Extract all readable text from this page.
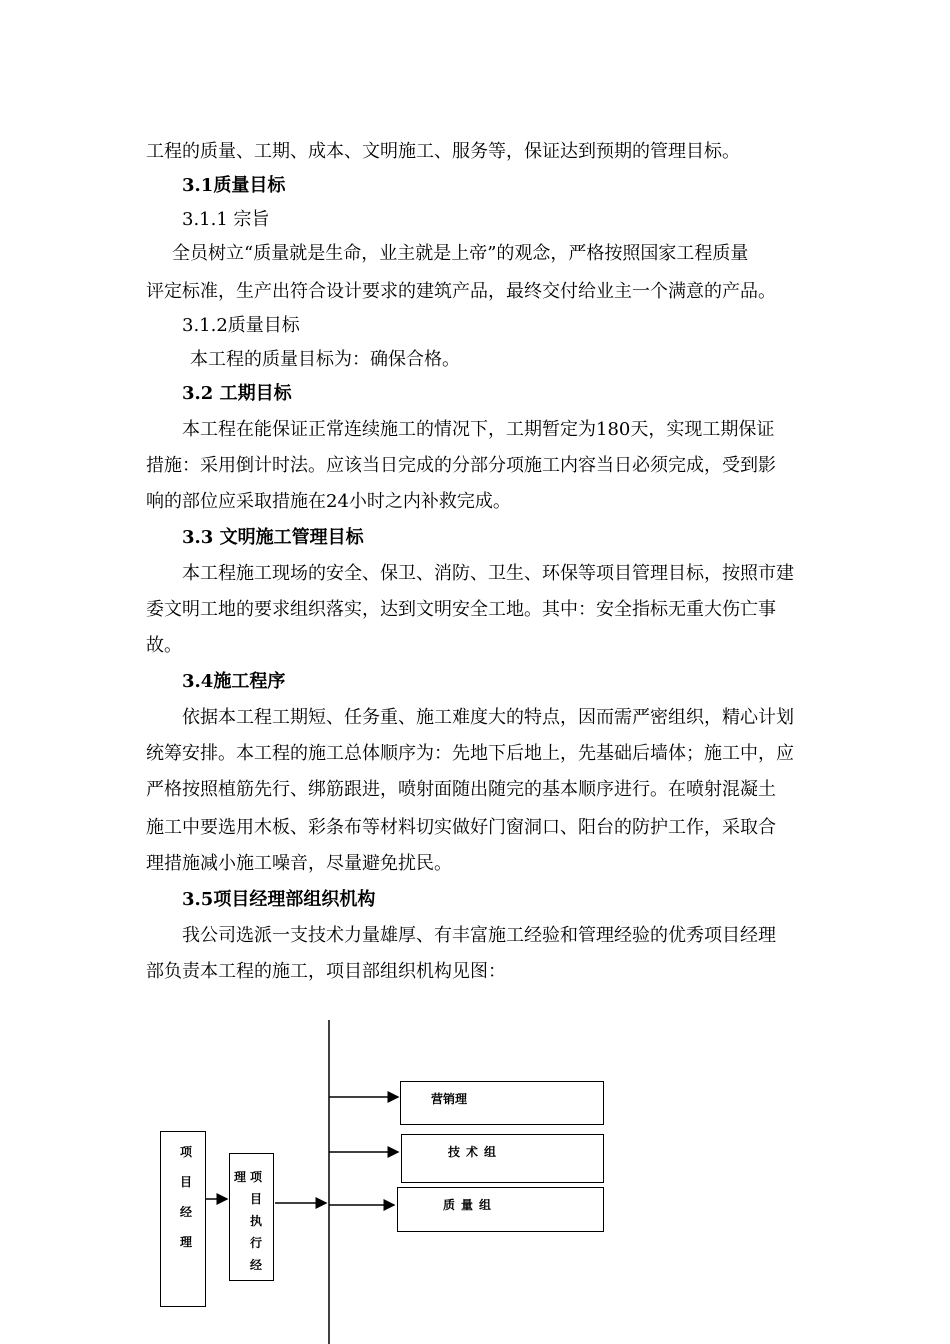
工程的质量、工期、成本、文明施工、服务等，保证达到预期的管理目标。
3.1质量目标
3.1.1 宗旨
全员树立“质量就是生命，业主就是上帝”的观念，严格按照国家工程质量
评定标准，生产出符合设计要求的建筑产品，最终交付给业主一个满意的产品。
3.1.2质量目标
本工程的质量目标为：确保合格。
3.2 工期目标
本工程在能保证正常连续施工的情况下，工期暂定为180天，实现工期保证
措施：采用倒计时法。应该当日完成的分部分项施工内容当日必须完成，受到影
响的部位应采取措施在24小时之内补救完成。
3.3 文明施工管理目标
本工程施工现场的安全、保卫、消防、卫生、环保等项目管理目标，按照市建
委文明工地的要求组织落实，达到文明安全工地。其中：安全指标无重大伤亡事
故。
3.4施工程序
依据本工程工期短、任务重、施工难度大的特点，因而需严密组织，精心计划
统筹安排。本工程的施工总体顺序为：先地下后地上，先基础后墙体；施工中，应
严格按照植筋先行、绑筋跟进，喷射面随出随完的基本顺序进行。在喷射混凝土
施工中要选用木板、彩条布等材料切实做好门窗洞口、阳台的防护工作，采取合
理措施减小施工噪音，尽量避免扰民。
3.5项目经理部组织机构
我公司选派一支技术力量雄厚、有丰富施工经验和管理经验的优秀项目经理
部负责本工程的施工，项目部组织机构见图：
项
目
经
理
理 项
目
执
行
经
营销理
技术组
质量组
